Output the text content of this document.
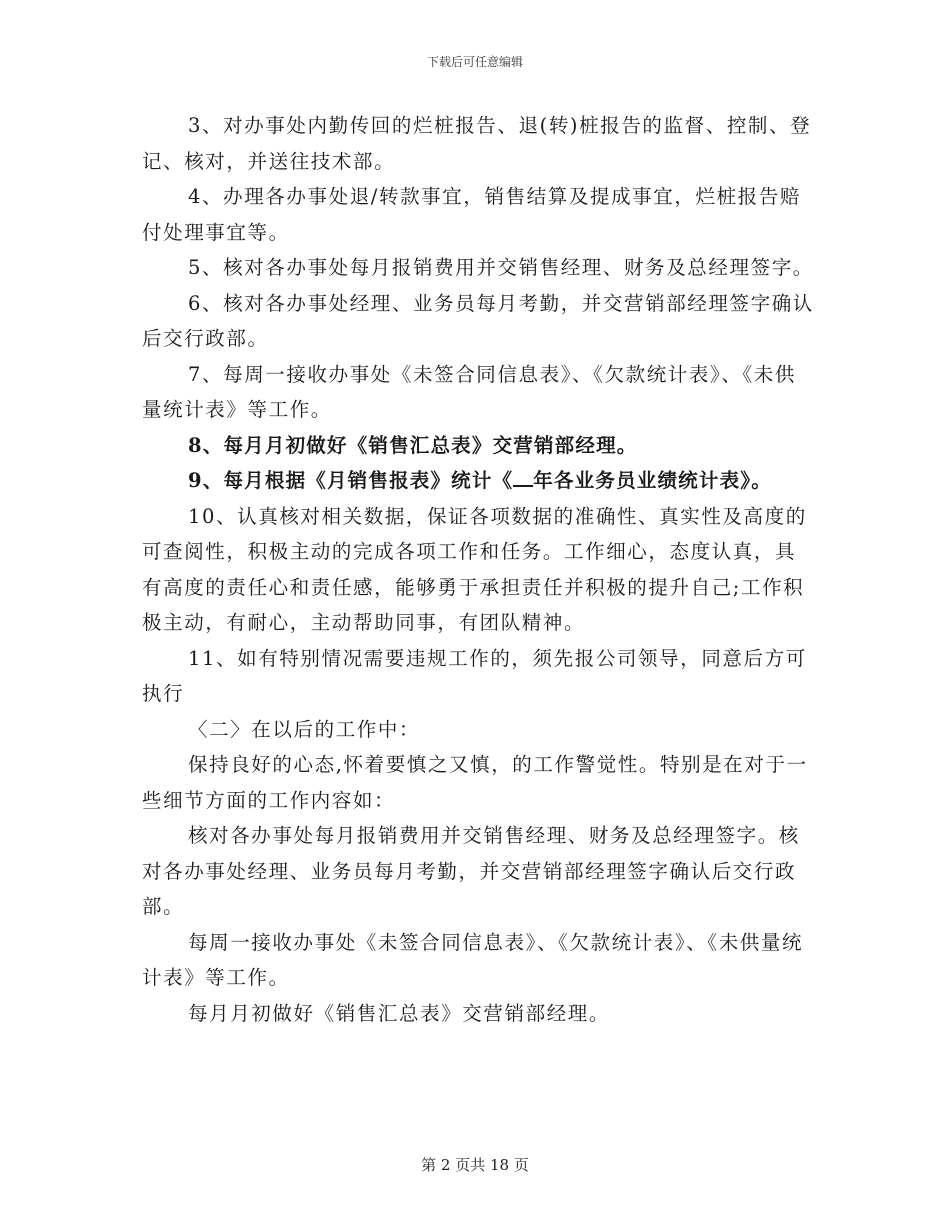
下载后可任意编辑

3、对办事处内勤传回的烂桩报告、退(转)桩报告的监督、控制、登记、核对，并送往技术部。

4、办理各办事处退/转款事宜，销售结算及提成事宜，烂桩报告赔付处理事宜等。

5、核对各办事处每月报销费用并交销售经理、财务及总经理签字。

6、核对各办事处经理、业务员每月考勤，并交营销部经理签字确认后交行政部。

7、每周一接收办事处《未签合同信息表》、《欠款统计表》、《未供量统计表》等工作。

8、每月月初做好《销售汇总表》交营销部经理。

9、每月根据《月销售报表》统计《 年各业务员业绩统计表》。

10、认真核对相关数据，保证各项数据的准确性、真实性及高度的可查阅性，积极主动的完成各项工作和任务。工作细心，态度认真，具有高度的责任心和责任感，能够勇于承担责任并积极的提升自己;工作积极主动，有耐心，主动帮助同事，有团队精神。

11、如有特别情况需要违规工作的，须先报公司领导，同意后方可执行

〈二〉在以后的工作中：

保持良好的心态,怀着要慎之又慎，的工作警觉性。特别是在对于一些细节方面的工作内容如：

核对各办事处每月报销费用并交销售经理、财务及总经理签字。核对各办事处经理、业务员每月考勤，并交营销部经理签字确认后交行政部。

每周一接收办事处《未签合同信息表》、《欠款统计表》、《未供量统计表》等工作。

每月月初做好《销售汇总表》交营销部经理。

第 2 页共 18 页
